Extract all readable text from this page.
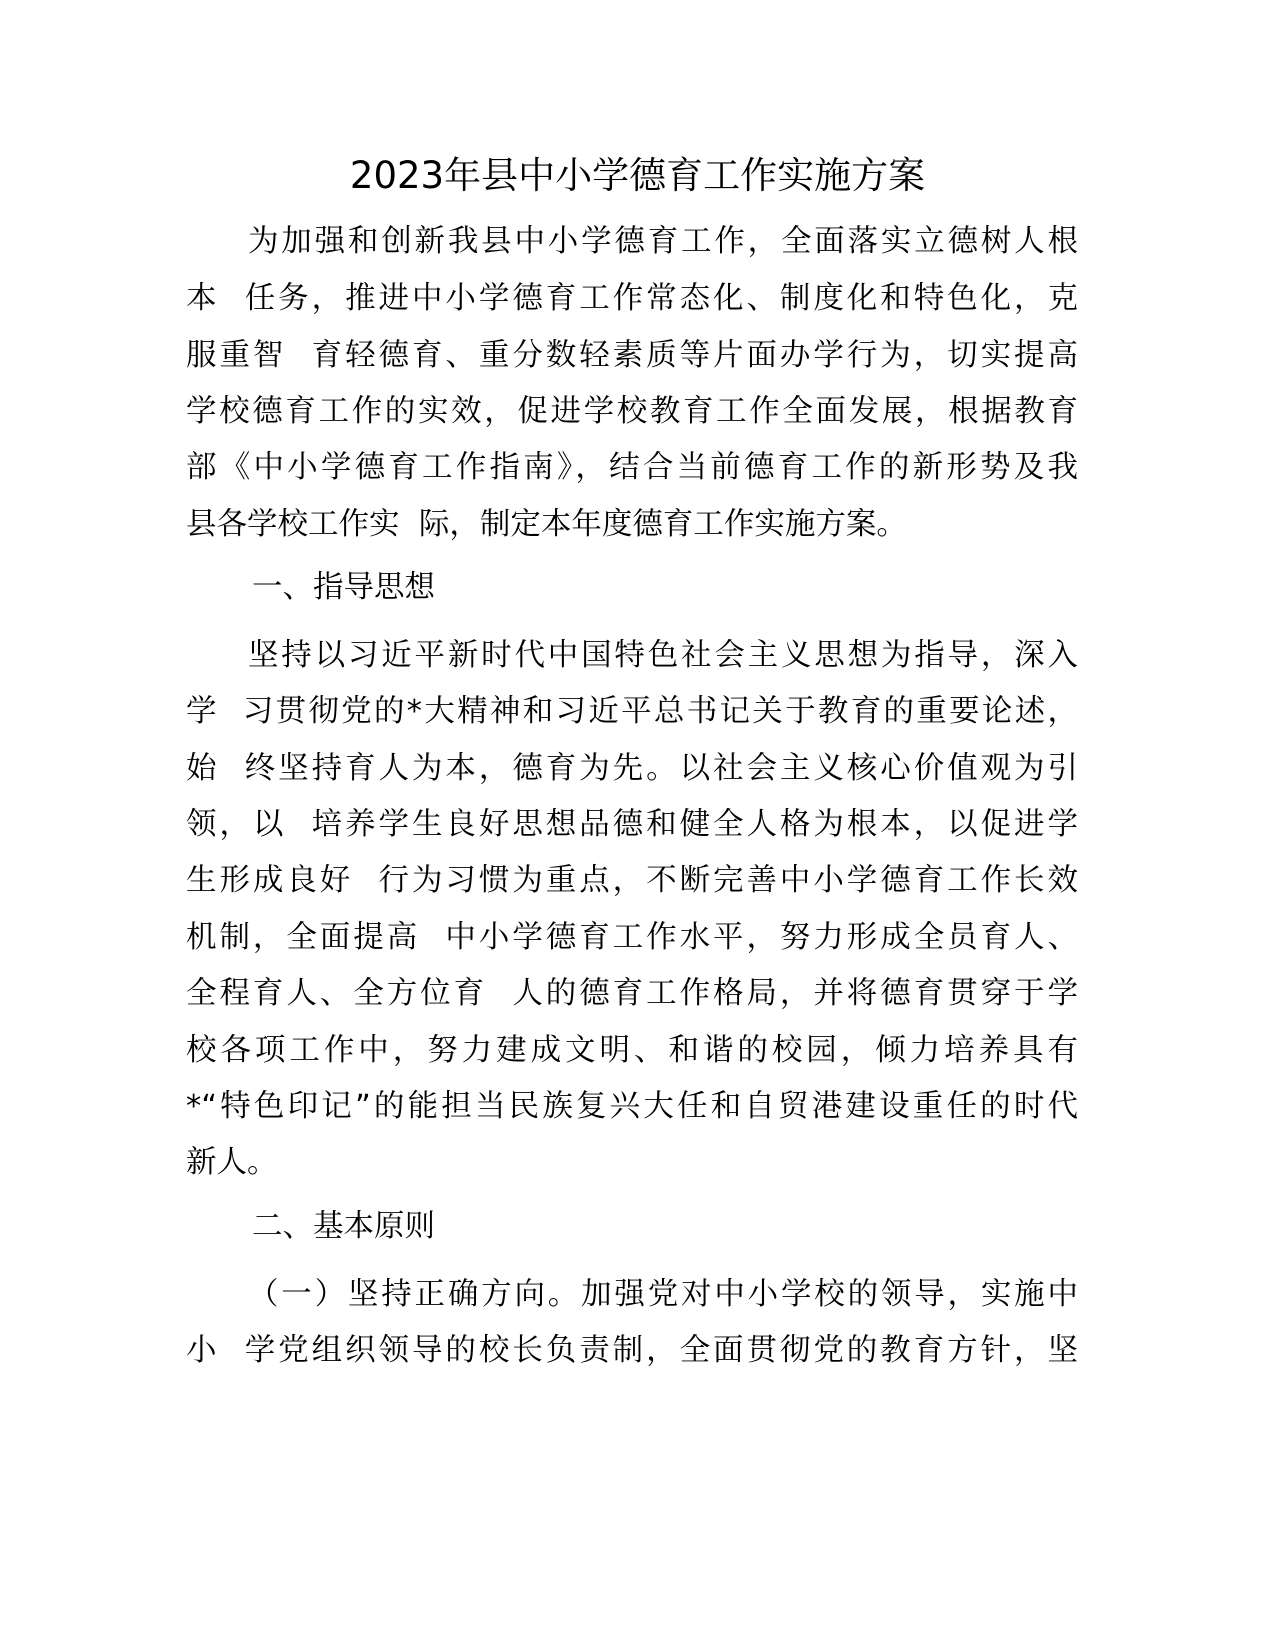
2023年县中小学德育工作实施方案
为加强和创新我县中小学德育工作，全面落实立德树人根
本  任务，推进中小学德育工作常态化、制度化和特色化，克
服重智  育轻德育、重分数轻素质等片面办学行为，切实提高
学校德育工作的实效，促进学校教育工作全面发展，根据教育
部《中小学德育工作指南》，结合当前德育工作的新形势及我
县各学校工作实  际，制定本年度德育工作实施方案。
一、指导思想
坚持以习近平新时代中国特色社会主义思想为指导，深入
学  习贯彻党的*大精神和习近平总书记关于教育的重要论述，
始  终坚持育人为本，德育为先。以社会主义核心价值观为引
领，以  培养学生良好思想品德和健全人格为根本，以促进学
生形成良好  行为习惯为重点，不断完善中小学德育工作长效
机制，全面提高  中小学德育工作水平，努力形成全员育人、
全程育人、全方位育  人的德育工作格局，并将德育贯穿于学
校各项工作中，努力建成文明、和谐的校园，倾力培养具有
*“特色印记”的能担当民族复兴大任和自贸港建设重任的时代
新人。
二、基本原则
（一）坚持正确方向。加强党对中小学校的领导，实施中
小  学党组织领导的校长负责制，全面贯彻党的教育方针，坚
